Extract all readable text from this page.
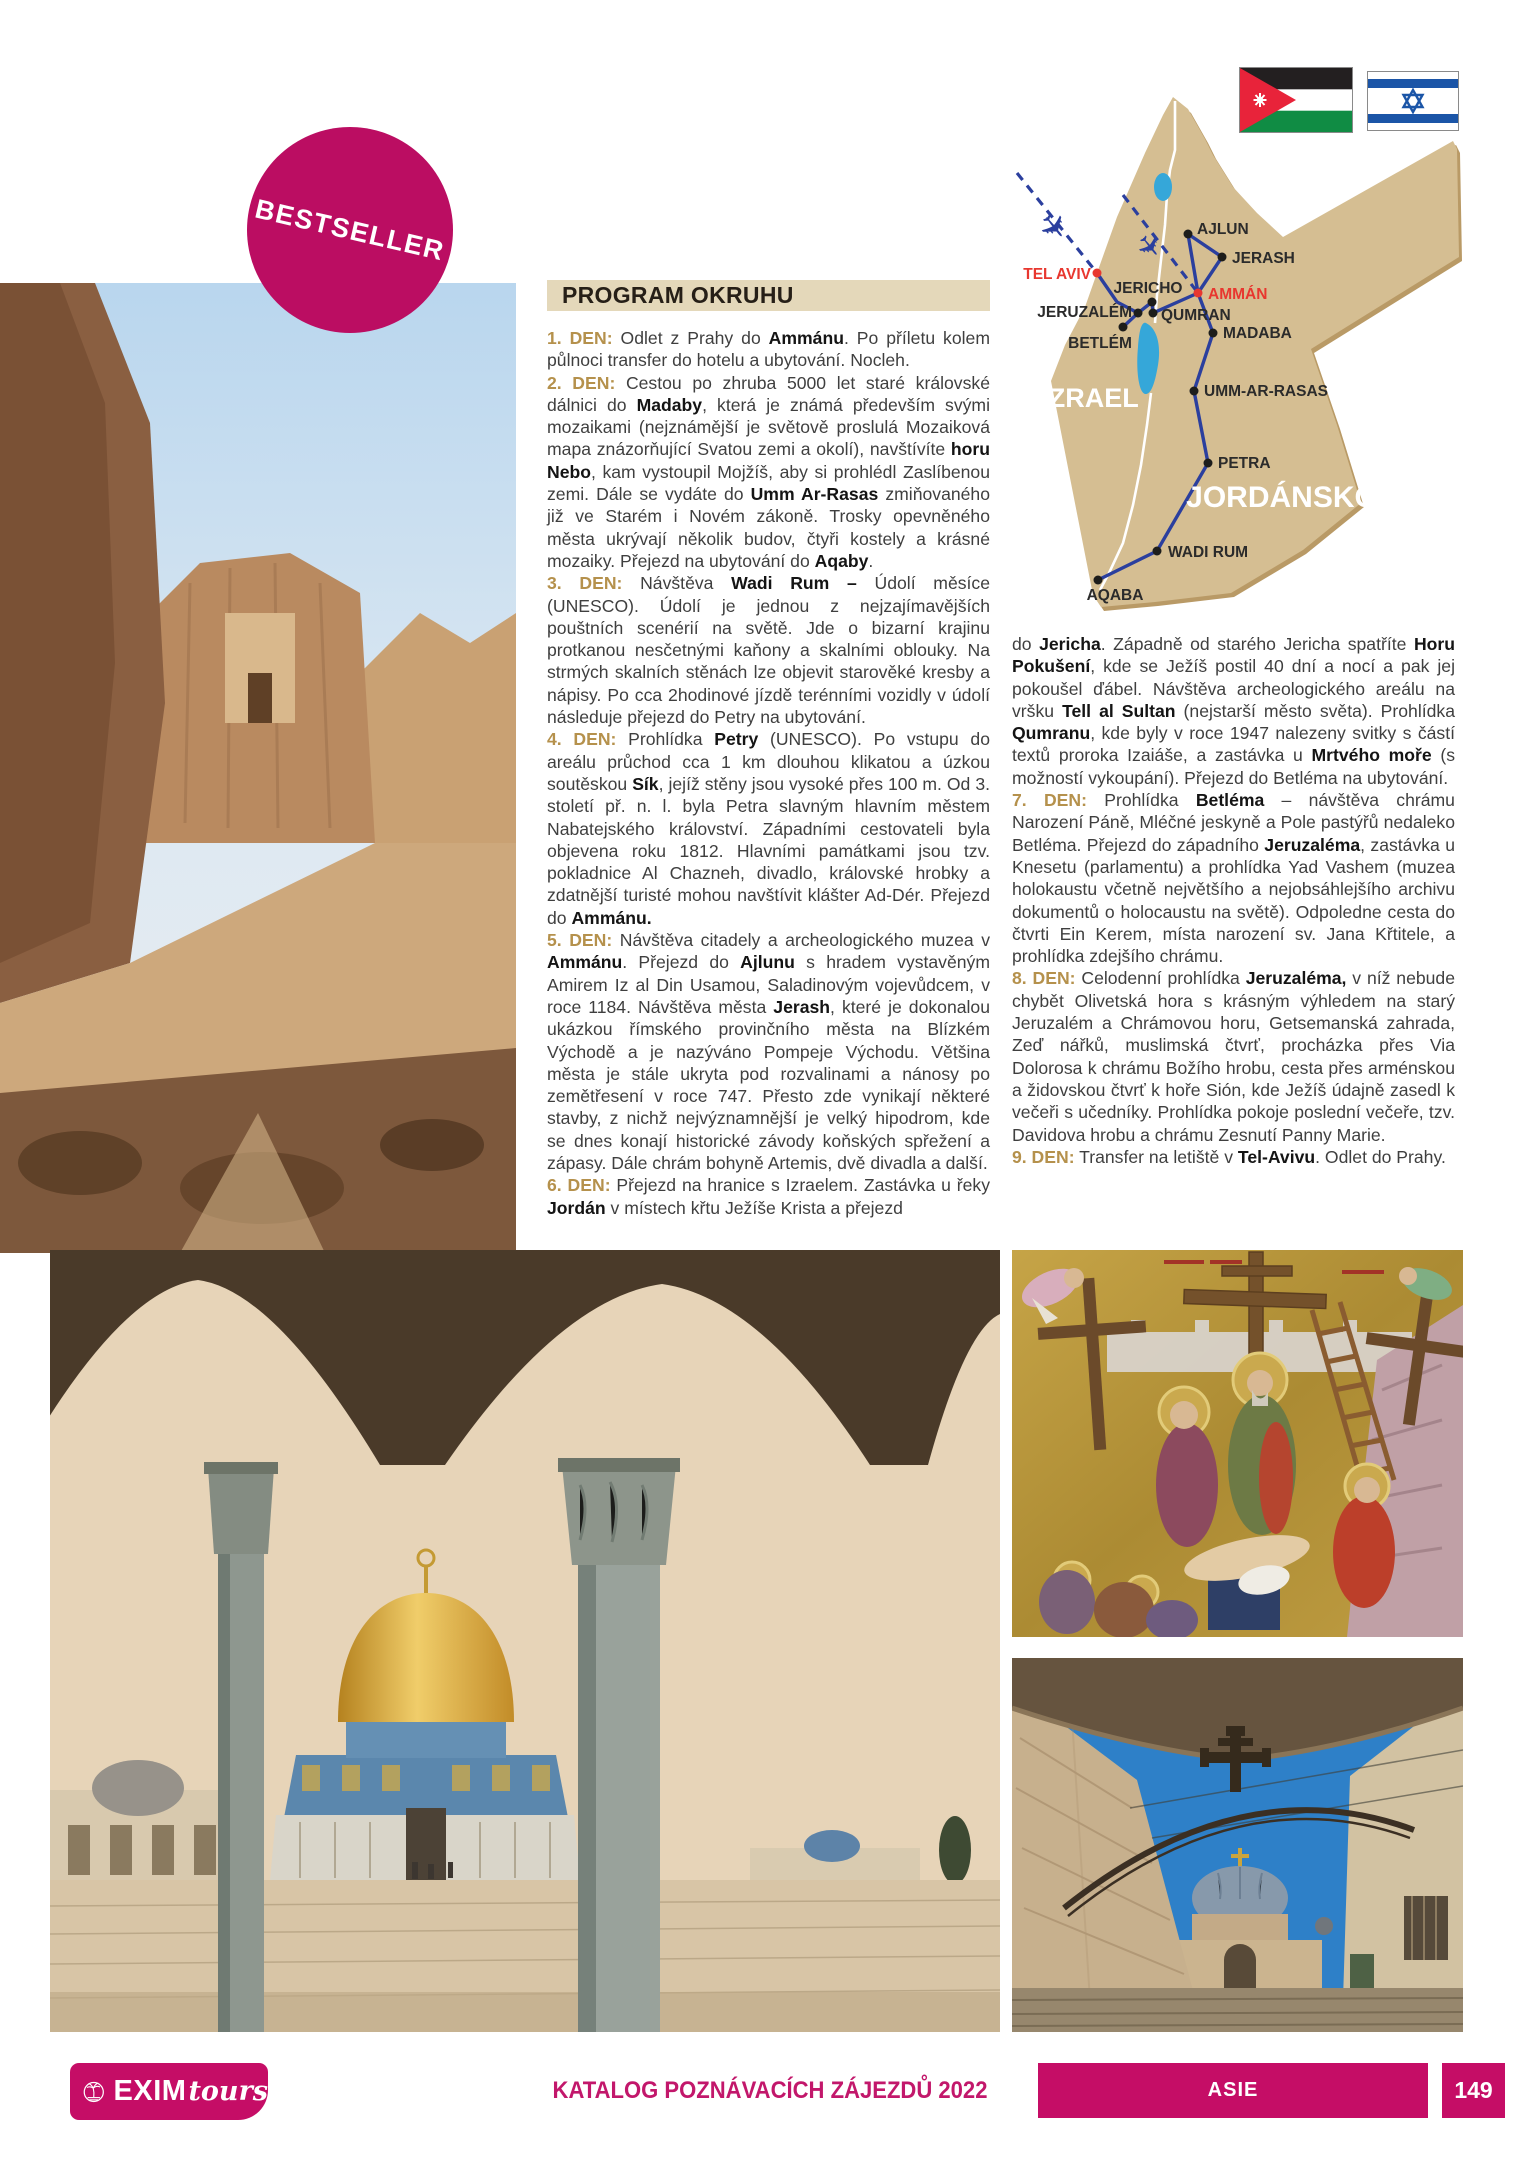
BESTSELLER
PROGRAM OKRUHU

1. DEN: Odlet z Prahy do Ammánu. Po příletu kolem půlnoci transfer do hotelu a ubytování. Nocleh.

2. DEN: Cestou po zhruba 5000 let staré královské dálnici do Madaby, která je známá především svými mozaikami (nejznámější je světově proslulá Mozaiková mapa znázorňující Svatou zemi a okolí), navštívíte horu Nebo, kam vystoupil Mojžíš, aby si prohlédl Zaslíbenou zemi. Dále se vydáte do Umm Ar-Rasas zmiňovaného již ve Starém i Novém zákoně. Trosky opevněného města ukrývají několik budov, čtyři kostely a krásné mozaiky. Přejezd na ubytování do Aqaby.

3. DEN: Návštěva Wadi Rum – Údolí měsíce (UNESCO). Údolí je jednou z nejzajímavějších pouštních scenérií na světě. Jde o bizarní krajinu protkanou nesčetnými kaňony a skalními oblouky. Na strmých skalních stěnách lze objevit starověké kresby a nápisy. Po cca 2hodinové jízdě terénními vozidly v údolí následuje přejezd do Petry na ubytování.

4. DEN: Prohlídka Petry (UNESCO). Po vstupu do areálu průchod cca 1 km dlouhou klikatou a úzkou soutěskou Sík, jejíž stěny jsou vysoké přes 100 m. Od 3. století př. n. l. byla Petra slavným hlavním městem Nabatejského království. Západními cestovateli byla objevena roku 1812. Hlavními památkami jsou tzv. pokladnice Al Chazneh, divadlo, královské hrobky a zdatnější turisté mohou navštívit klášter Ad-Dér. Přejezd do Ammánu.

5. DEN: Návštěva citadely a archeologického muzea v Ammánu. Přejezd do Ajlunu s hradem vystavěným Amirem Iz al Din Usamou, Saladinovým vojevůdcem, v roce 1184. Návštěva města Jerash, které je dokonalou ukázkou římského provinčního města na Blízkém Východě a je nazýváno Pompeje Východu. Většina města je stále ukryta pod rozvalinami a nánosy po zemětřesení v roce 747. Přesto zde vynikají některé stavby, z nichž nejvýznamnější je velký hipodrom, kde se dnes konají historické závody koňských spřežení a zápasy. Dále chrám bohyně Artemis, dvě divadla a další.

6. DEN: Přejezd na hranice s Izraelem. Zastávka u řeky Jordán v místech křtu Ježíše Krista a přejezd

do Jericha. Západně od starého Jericha spatříte Horu Pokušení, kde se Ježíš postil 40 dní a nocí a pak jej pokoušel ďábel. Návštěva archeologického areálu na vršku Tell al Sultan (nejstarší město světa). Prohlídka Qumranu, kde byly v roce 1947 nalezeny svitky s částí textů proroka Izaiáše, a zastávka u Mrtvého moře (s možností vykoupání). Přejezd do Betléma na ubytování.

7. DEN: Prohlídka Betléma – návštěva chrámu Narození Páně, Mléčné jeskyně a Pole pastýřů nedaleko Betléma. Přejezd do západního Jeruzaléma, zastávka u Knesetu (parlamentu) a prohlídka Yad Vashem (muzea holokaustu včetně největšího a nejobsáhlejšího archivu dokumentů o holocaustu na světě). Odpoledne cesta do čtvrti Ein Kerem, místa narození sv. Jana Křtitele, a prohlídka zdejšího chrámu.

8. DEN: Celodenní prohlídka Jeruzaléma, v níž nebude chybět Olivetská hora s krásným výhledem na starý Jeruzalém a Chrámovou horu, Getsemanská zahrada, Zeď nářků, muslimská čtvrť, procházka přes Via Dolorosa k chrámu Božího hrobu, cesta přes arménskou a židovskou čtvrť k hoře Sión, kde Ježíš údajně zasedl k večeři s učedníky. Prohlídka pokoje poslední večeře, tzv. Davidova hrobu a chrámu Zesnutí Panny Marie.

9. DEN: Transfer na letiště v Tel-Avivu. Odlet do Prahy.

✈ ✈
TEL AVIV
JERICHO
JERUZALÉM
BETLÉM
QUMRAN
AJLUN
JERASH
AMMÁN
MADABA
UMM-AR-RASAS
PETRA
WADI RUM
AQABA
IZRAEL
JORDÁNSKO
EXIM tours	KATALOG POZNÁVACÍCH ZÁJEZDŮ 2022	ASIE	149
